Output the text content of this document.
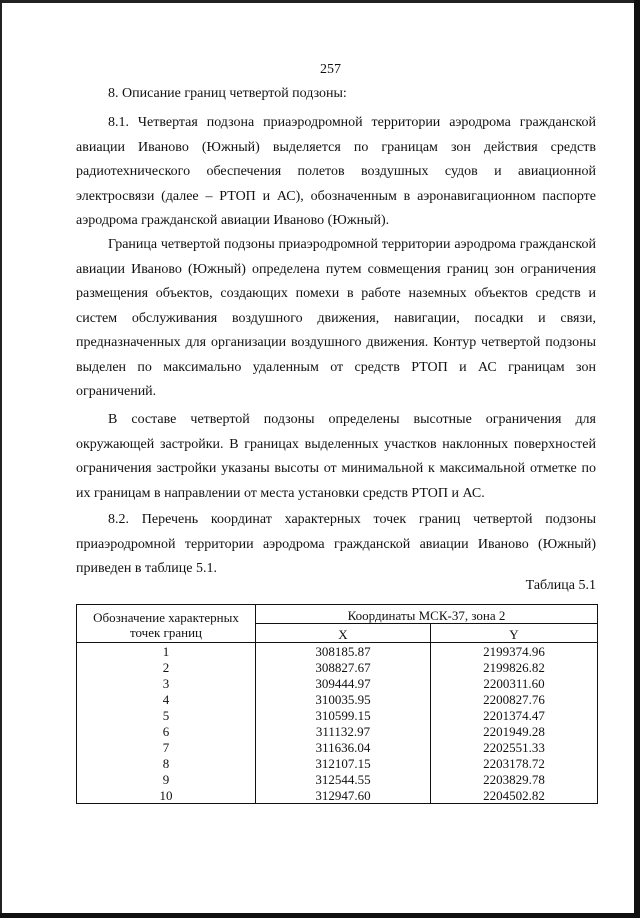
257
8. Описание границ четвертой подзоны:
8.1. Четвертая подзона приаэродромной территории аэродрома гражданской авиации Иваново (Южный) выделяется по границам зон действия средств радиотехнического обеспечения полетов воздушных судов и авиационной электросвязи (далее – РТОП и АС), обозначенным в аэронавигационном паспорте аэродрома гражданской авиации Иваново (Южный).
Граница четвертой подзоны приаэродромной территории аэродрома гражданской авиации Иваново (Южный) определена путем совмещения границ зон ограничения размещения объектов, создающих помехи в работе наземных объектов средств и систем обслуживания воздушного движения, навигации, посадки и связи, предназначенных для организации воздушного движения. Контур четвертой подзоны выделен по максимально удаленным от средств РТОП и АС границам зон ограничений.
В составе четвертой подзоны определены высотные ограничения для окружающей застройки. В границах выделенных участков наклонных поверхностей ограничения застройки указаны высоты от минимальной к максимальной отметке по их границам в направлении от места установки средств РТОП и АС.
8.2. Перечень координат характерных точек границ четвертой подзоны приаэродромной территории аэродрома гражданской авиации Иваново (Южный) приведен в таблице 5.1.
Таблица 5.1
Обозначение характерных точек границ	Координаты МСК-37, зона 2	
	X	Y
1	308185.87	2199374.96
2	308827.67	2199826.82
3	309444.97	2200311.60
4	310035.95	2200827.76
5	310599.15	2201374.47
6	311132.97	2201949.28
7	311636.04	2202551.33
8	312107.15	2203178.72
9	312544.55	2203829.78
10	312947.60	2204502.82
